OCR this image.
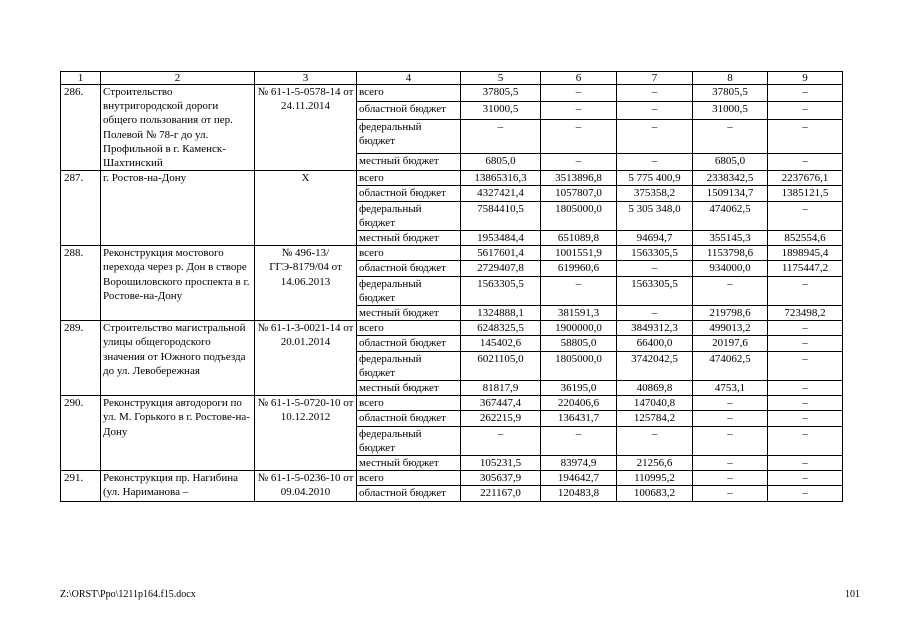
1	2	3	4	5	6	7	8	9
286.	Строительство внутригородской дороги общего пользования от пер. Полевой № 78-г до ул. Профильной в г. Каменск-Шахтинский	№ 61-1-5-0578-14 от 24.11.2014	всего	37805,5	–	–	37805,5	–
			областной бюджет	31000,5	–	–	31000,5	–
			федеральный бюджет	–	–	–	–	–
			местный бюджет	6805,0	–	–	6805,0	–
287.	г. Ростов-на-Дону	Х	всего	13865316,3	3513896,8	5 775 400,9	2338342,5	2237676,1
			областной бюджет	4327421,4	1057807,0	375358,2	1509134,7	1385121,5
			федеральный бюджет	7584410,5	1805000,0	5 305 348,0	474062,5	–
			местный бюджет	1953484,4	651089,8	94694,7	355145,3	852554,6
288.	Реконструкция мостового перехода через р. Дон в створе Ворошиловского проспекта в г. Ростове-на-Дону	№ 496-13/ ГГЭ-8179/04 от 14.06.2013	всего	5617601,4	1001551,9	1563305,5	1153798,6	1898945,4
			областной бюджет	2729407,8	619960,6	–	934000,0	1175447,2
			федеральный бюджет	1563305,5	–	1563305,5	–	–
			местный бюджет	1324888,1	381591,3	–	219798,6	723498,2
289.	Строительство магистральной улицы общегородского значения от Южного подъезда до ул. Левобережная	№ 61-1-3-0021-14 от 20.01.2014	всего	6248325,5	1900000,0	3849312,3	499013,2	–
			областной бюджет	145402,6	58805,0	66400,0	20197,6	–
			федеральный бюджет	6021105,0	1805000,0	3742042,5	474062,5	–
			местный бюджет	81817,9	36195,0	40869,8	4753,1	–
290.	Реконструкция автодороги по ул. М. Горького в г. Ростове-на-Дону	№ 61-1-5-0720-10 от 10.12.2012	всего	367447,4	220406,6	147040,8	–	–
			областной бюджет	262215,9	136431,7	125784,2	–	–
			федеральный бюджет	–	–	–	–	–
			местный бюджет	105231,5	83974,9	21256,6	–	–
291.	Реконструкция пр. Нагибина (ул. Нариманова –	№ 61-1-5-0236-10 от 09.04.2010	всего	305637,9	194642,7	110995,2	–	–
			областной бюджет	221167,0	120483,8	100683,2	–	–
Z:\ORST\Ppo\1211p164.f15.docx	101
